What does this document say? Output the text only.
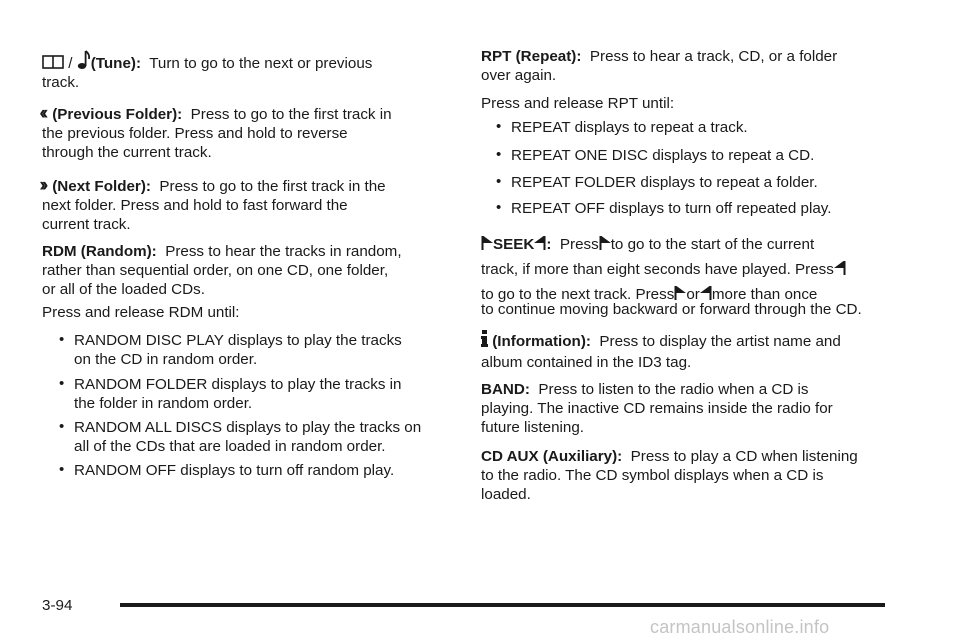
/ (Tune): Turn to go to the next or previous
track.
(Previous Folder): Press to go to the first track in
the previous folder. Press and hold to reverse
through the current track.
(Next Folder): Press to go to the first track in the
next folder. Press and hold to fast forward the
current track.
RDM (Random): Press to hear the tracks in random,
rather than sequential order, on one CD, one folder,
or all of the loaded CDs.
Press and release RDM until:
• RANDOM DISC PLAY displays to play the tracks
on the CD in random order.
• RANDOM FOLDER displays to play the tracks in
the folder in random order.
• RANDOM ALL DISCS displays to play the tracks on
all of the CDs that are loaded in random order.
• RANDOM OFF displays to turn off random play.
RPT (Repeat): Press to hear a track, CD, or a folder
over again.
Press and release RPT until:
• REPEAT displays to repeat a track.
• REPEAT ONE DISC displays to repeat a CD.
• REPEAT FOLDER displays to repeat a folder.
• REPEAT OFF displays to turn off repeated play.
SEEK : Press to go to the start of the current
track, if more than eight seconds have played. Press
to go to the next track. Press or more than once
to continue moving backward or forward through the CD.
(Information): Press to display the artist name and
album contained in the ID3 tag.
BAND: Press to listen to the radio when a CD is
playing. The inactive CD remains inside the radio for
future listening.
CD AUX (Auxiliary): Press to play a CD when listening
to the radio. The CD symbol displays when a CD is
loaded.
3-94
carmanualsonline.info
